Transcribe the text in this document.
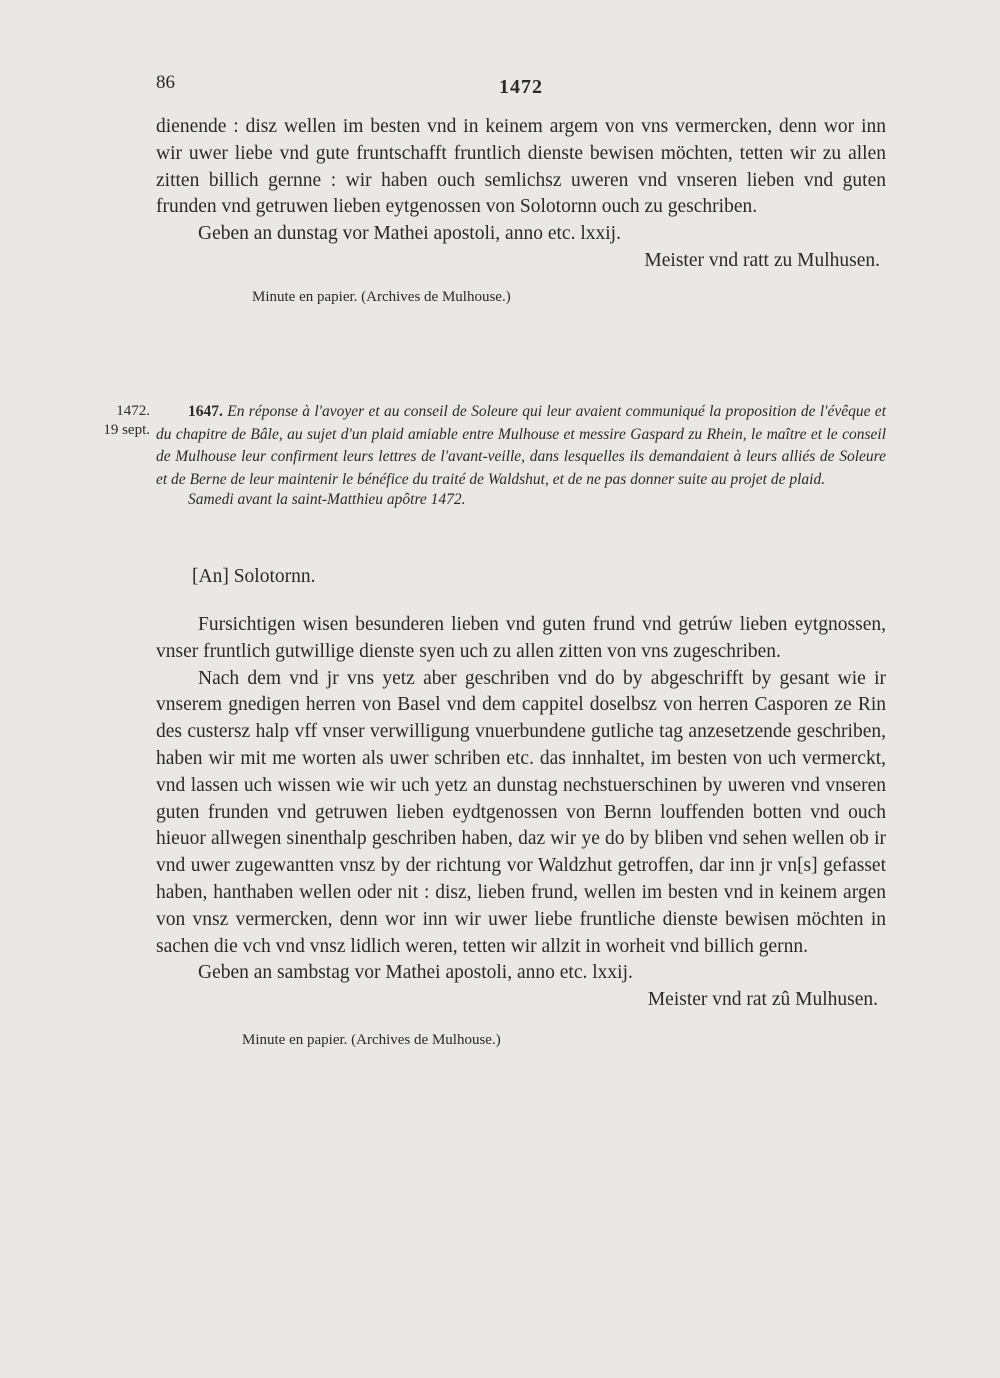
86	1472

dienende : disz wellen im besten vnd in keinem argem von vns vermercken, denn wor inn wir uwer liebe vnd gute fruntschafft fruntlich dienste bewisen möchten, tetten wir zu allen zitten billich gernne : wir haben ouch semlichsz uweren vnd vnseren lieben vnd guten frunden vnd getruwen lieben eytgenossen von Solotornn ouch zu geschriben.

Geben an dunstag vor Mathei apostoli, anno etc. lxxij.

Meister vnd ratt zu Mulhusen.

Minute en papier. (Archives de Mulhouse.)

1472.
19 sept.

1647. En réponse à l'avoyer et au conseil de Soleure qui leur avaient communiqué la proposition de l'évêque et du chapitre de Bâle, au sujet d'un plaid amiable entre Mulhouse et messire Gaspard zu Rhein, le maître et le conseil de Mulhouse leur confirment leurs lettres de l'avant-veille, dans lesquelles ils demandaient à leurs alliés de Soleure et de Berne de leur maintenir le bénéfice du traité de Waldshut, et de ne pas donner suite au projet de plaid.

Samedi avant la saint-Matthieu apôtre 1472.

[An] Solotornn.

Fursichtigen wisen besunderen lieben vnd guten frund vnd getrúw lieben eytgnossen, vnser fruntlich gutwillige dienste syen uch zu allen zitten von vns zugeschriben.

Nach dem vnd jr vns yetz aber geschriben vnd do by abgeschrifft by gesant wie ir vnserem gnedigen herren von Basel vnd dem cappitel doselbsz von herren Casporen ze Rin des custersz halp vff vnser verwilligung vnuerbundene gutliche tag anzesetzende geschriben, haben wir mit me worten als uwer schriben etc. das innhaltet, im besten von uch vermerckt, vnd lassen uch wissen wie wir uch yetz an dunstag nechstuerschinen by uweren vnd vnseren guten frunden vnd getruwen lieben eydtgenossen von Bernn louffenden botten vnd ouch hieuor allwegen sinenthalp geschriben haben, daz wir ye do by bliben vnd sehen wellen ob ir vnd uwer zugewantten vnsz by der richtung vor Waldzhut getroffen, dar inn jr vn[s] gefasset haben, hanthaben wellen oder nit : disz, lieben frund, wellen im besten vnd in keinem argen von vnsz vermercken, denn wor inn wir uwer liebe fruntliche dienste bewisen möchten in sachen die vch vnd vnsz lidlich weren, tetten wir allzit in worheit vnd billich gernn.

Geben an sambstag vor Mathei apostoli, anno etc. lxxij.

Meister vnd rat zû Mulhusen.

Minute en papier. (Archives de Mulhouse.)
